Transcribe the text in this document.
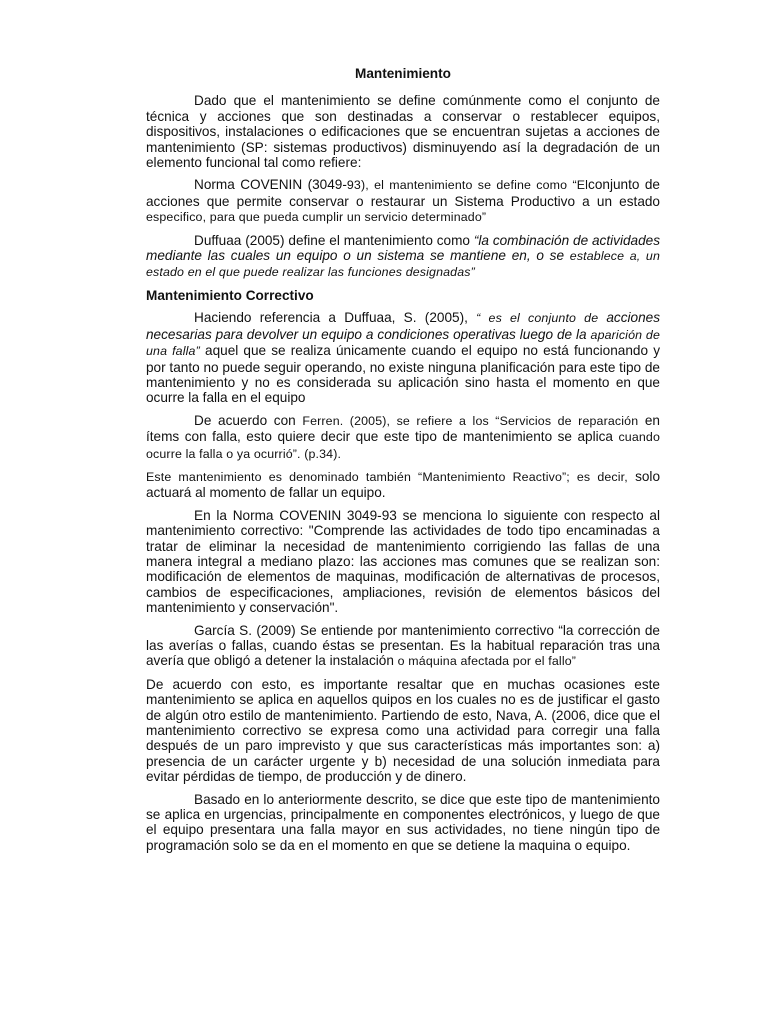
Mantenimiento

Dado que el mantenimiento se define comúnmente como el conjunto de técnica y acciones que son destinadas a conservar o restablecer equipos, dispositivos, instalaciones o edificaciones que se encuentran sujetas a acciones de mantenimiento (SP: sistemas productivos) disminuyendo así la degradación de un elemento funcional tal como refiere:

Norma COVENIN (3049-93), el mantenimiento se define como “Elconjunto de acciones que permite conservar o restaurar un Sistema Productivo a un estado especifico, para que pueda cumplir un servicio determinado”

Duffuaa (2005) define el mantenimiento como “la combinación de actividades mediante las cuales un equipo o un sistema se mantiene en, o se establece a, un estado en el que puede realizar las funciones designadas”

Mantenimiento Correctivo

Haciendo referencia a Duffuaa, S. (2005), “ es el conjunto de acciones necesarias para devolver un equipo a condiciones operativas luego de la aparición de una falla” aquel que se realiza únicamente cuando el equipo no está funcionando y por tanto no puede seguir operando, no existe ninguna planificación para este tipo de mantenimiento y no es considerada su aplicación sino hasta el momento en que ocurre la falla en el equipo

De acuerdo con Ferren. (2005), se refiere a los “Servicios de reparación en ítems con falla, esto quiere decir que este tipo de mantenimiento se aplica cuando ocurre la falla o ya ocurrió”. (p.34).

Este mantenimiento es denominado también “Mantenimiento Reactivo”; es decir, solo actuará al momento de fallar un equipo.

En la Norma COVENIN 3049-93 se menciona lo siguiente con respecto al mantenimiento correctivo: "Comprende las actividades de todo tipo encaminadas a tratar de eliminar la necesidad de mantenimiento corrigiendo las fallas de una manera integral a mediano plazo: las acciones mas comunes que se realizan son: modificación de elementos de maquinas, modificación de alternativas de procesos, cambios de especificaciones, ampliaciones, revisión de elementos básicos del mantenimiento y conservación".

García S. (2009) Se entiende por mantenimiento correctivo “la corrección de las averías o fallas, cuando éstas se presentan. Es la habitual reparación tras una avería que obligó a detener la instalación o máquina afectada por el fallo”

De acuerdo con esto, es importante resaltar que en muchas ocasiones este mantenimiento se aplica en aquellos quipos en los cuales no es de justificar el gasto de algún otro estilo de mantenimiento. Partiendo de esto, Nava, A. (2006, dice que el mantenimiento correctivo se expresa como una actividad para corregir una falla después de un paro imprevisto y que sus características más importantes son: a) presencia de un carácter urgente y b) necesidad de una solución inmediata para evitar pérdidas de tiempo, de producción y de dinero.

Basado en lo anteriormente descrito, se dice que este tipo de mantenimiento se aplica en urgencias, principalmente en componentes electrónicos, y luego de que el equipo presentara una falla mayor en sus actividades, no tiene ningún tipo de programación solo se da en el momento en que se detiene la maquina o equipo.
